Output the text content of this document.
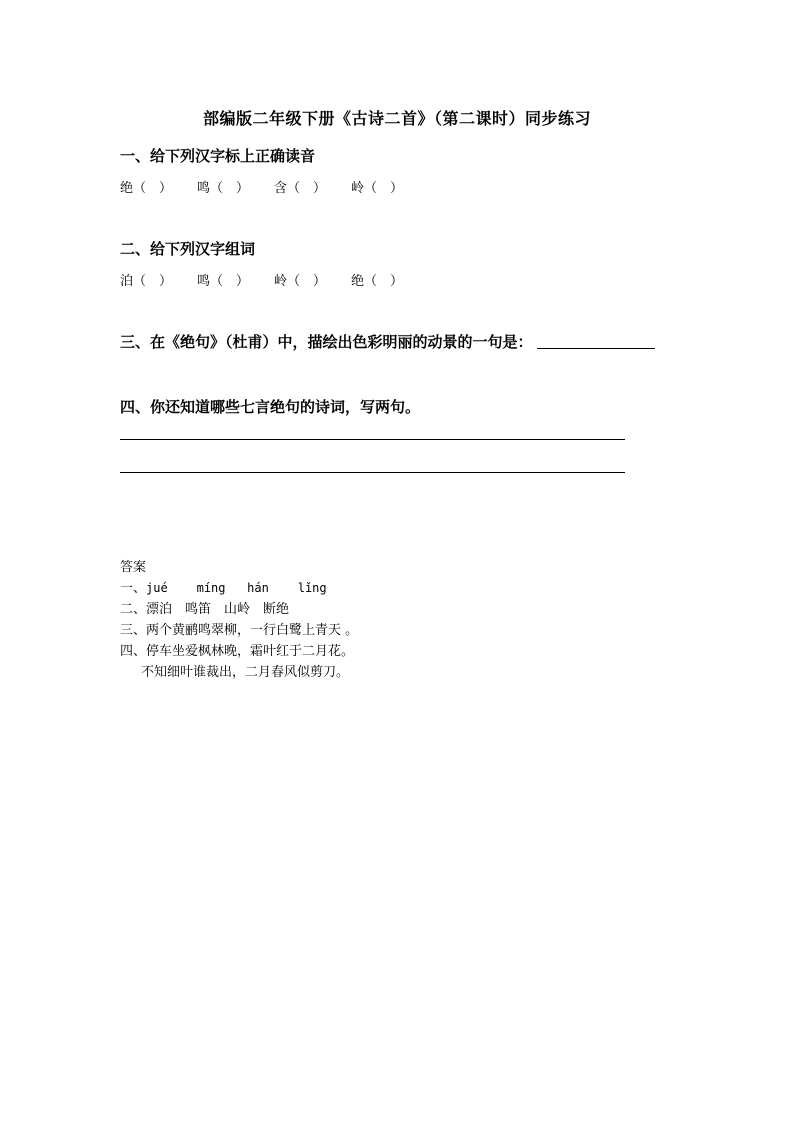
部编版二年级下册《古诗二首》（第二课时）同步练习
一、给下列汉字标上正确读音
绝（　） 鸣（　） 含（　） 岭（　）
二、给下列汉字组词
泊（　） 鸣（　） 岭（　） 绝（　）
三、在《绝句》（杜甫）中，描绘出色彩明丽的动景的一句是：
四、你还知道哪些七言绝句的诗词，写两句。
答案
一、jué    míng   hán    lǐng
二、漂泊　鸣笛　山岭　断绝
三、两个黄鹂鸣翠柳，一行白鹭上青天 。
四、停车坐爱枫林晚，霜叶红于二月花。
不知细叶谁裁出，二月春风似剪刀。
